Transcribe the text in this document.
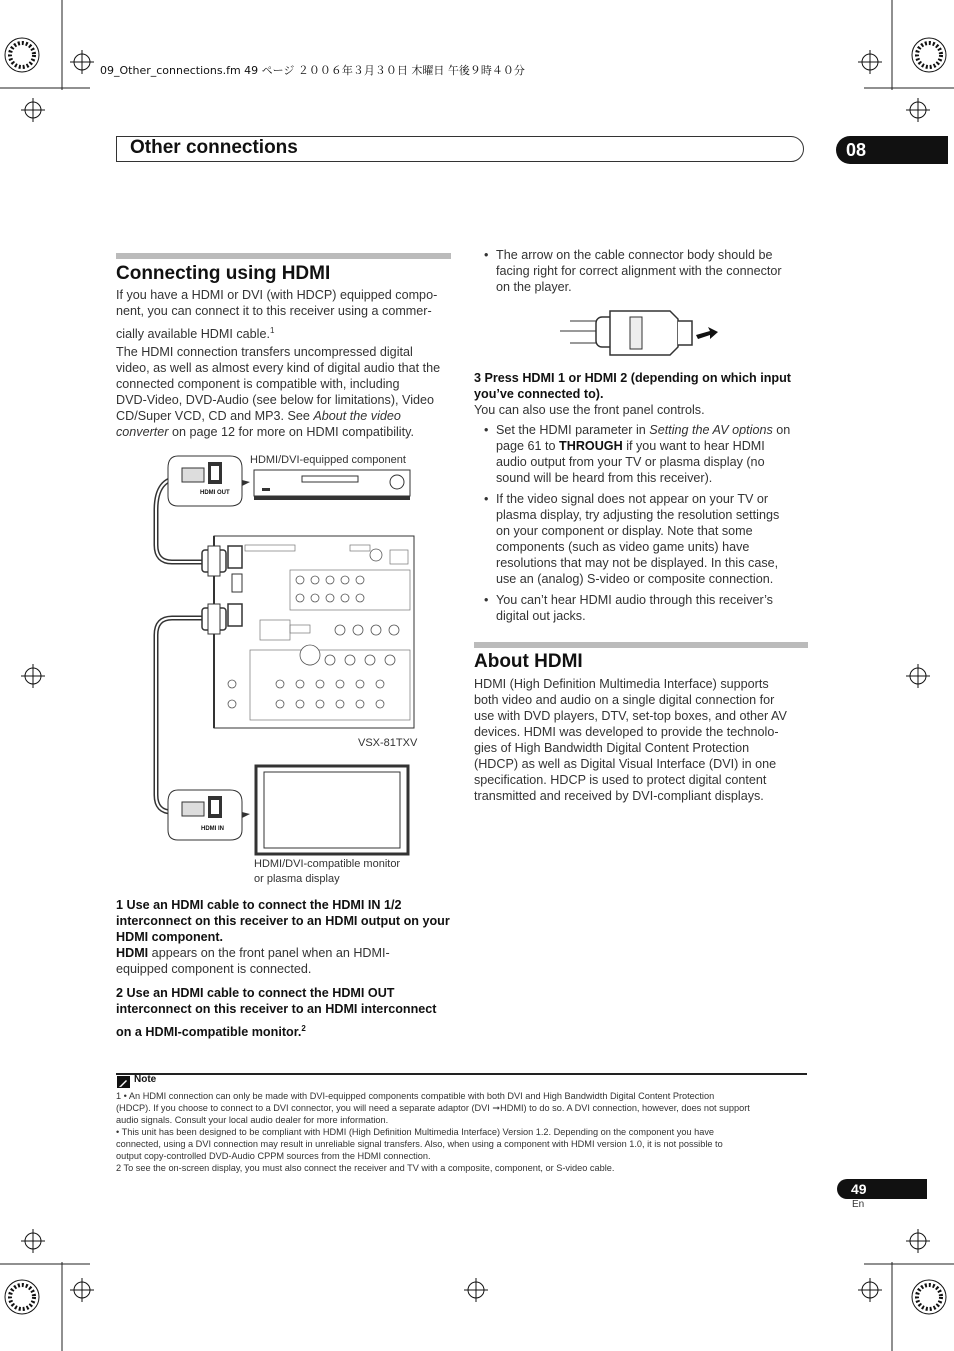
09_Other_connections.fm 49 ページ ２００６年３月３０日 木曜日 午後９時４０分
Other connections	08
Connecting using HDMI
If you have a HDMI or DVI (with HDCP) equipped compo-
nent, you can connect it to this receiver using a commer-
cially available HDMI cable.$^1$
The HDMI connection transfers uncompressed digital
video, as well as almost every kind of digital audio that the
connected component is compatible with, including
DVD-Video, DVD-Audio (see below for limitations), Video
CD/Super VCD, CD and MP3. See About the video
converter on page 12 for more on HDMI compatibility.
HDMI/DVI-equipped component
HDMI OUT
HDMI IN
VSX-81TXV
HDMI/DVI-compatible monitor
or plasma display
1 Use an HDMI cable to connect the HDMI IN 1/2
interconnect on this receiver to an HDMI output on your
HDMI component.
HDMI appears on the front panel when an HDMI-
equipped component is connected.
2 Use an HDMI cable to connect the HDMI OUT
interconnect on this receiver to an HDMI interconnect
on a HDMI-compatible monitor.$^2$
• The arrow on the cable connector body should be
facing right for correct alignment with the connector
on the player.
3 Press HDMI 1 or HDMI 2 (depending on which input
you’ve connected to).
You can also use the front panel controls.
• Set the HDMI parameter in Setting the AV options on
page 61 to THROUGH if you want to hear HDMI
audio output from your TV or plasma display (no
sound will be heard from this receiver).
• If the video signal does not appear on your TV or
plasma display, try adjusting the resolution settings
on your component or display. Note that some
components (such as video game units) have
resolutions that may not be displayed. In this case,
use an (analog) S-video or composite connection.
• You can’t hear HDMI audio through this receiver’s
digital out jacks.
About HDMI
HDMI (High Definition Multimedia Interface) supports
both video and audio on a single digital connection for
use with DVD players, DTV, set-top boxes, and other AV
devices. HDMI was developed to provide the technolo-
gies of High Bandwidth Digital Content Protection
(HDCP) as well as Digital Visual Interface (DVI) in one
specification. HDCP is used to protect digital content
transmitted and received by DVI-compliant displays.
Note
1 • An HDMI connection can only be made with DVI-equipped components compatible with both DVI and High Bandwidth Digital Content Protection
(HDCP). If you choose to connect to a DVI connector, you will need a separate adaptor (DVI ➞HDMI) to do so. A DVI connection, however, does not support
audio signals. Consult your local audio dealer for more information.
• This unit has been designed to be compliant with HDMI (High Definition Multimedia Interface) Version 1.2. Depending on the component you have
connected, using a DVI connection may result in unreliable signal transfers. Also, when using a component with HDMI version 1.0, it is not possible to
output copy-controlled DVD-Audio CPPM sources from the HDMI connection.
2 To see the on-screen display, you must also connect the receiver and TV with a composite, component, or S-video cable.
49
En
